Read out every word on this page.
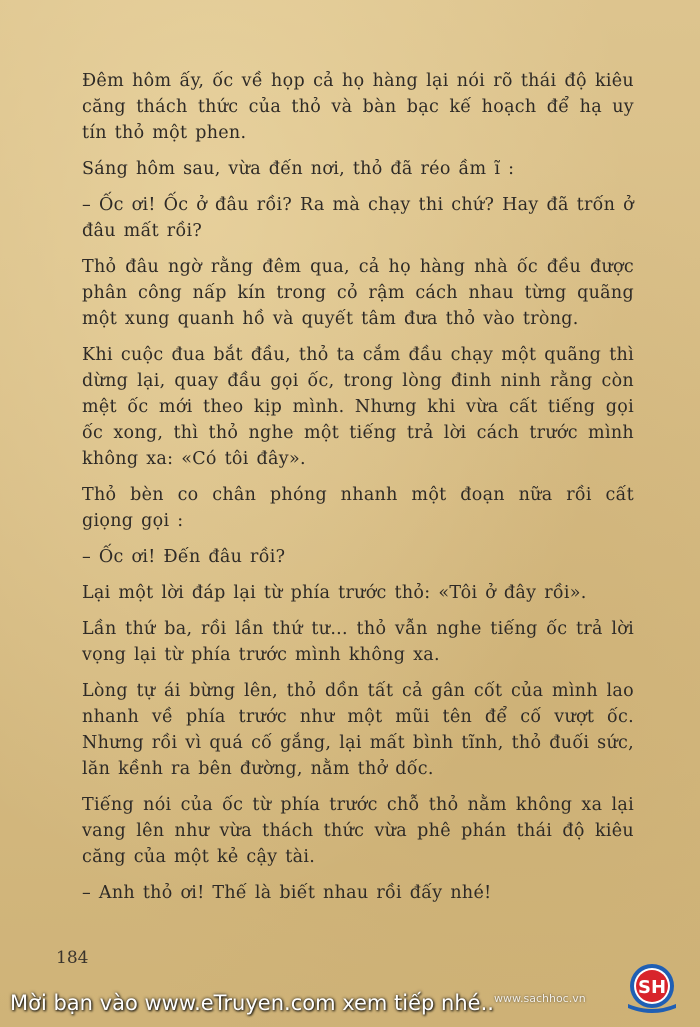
Đêm hôm ấy, ốc về họp cả họ hàng lại nói rõ thái độ kiêu căng thách thức của thỏ và bàn bạc kế hoạch để hạ uy tín thỏ một phen.

Sáng hôm sau, vừa đến nơi, thỏ đã réo ầm ĩ :

– Ốc ơi! Ốc ở đâu rồi? Ra mà chạy thi chứ? Hay đã trốn ở đâu mất rồi?

Thỏ đâu ngờ rằng đêm qua, cả họ hàng nhà ốc đều được phân công nấp kín trong cỏ rậm cách nhau từng quãng một xung quanh hồ và quyết tâm đưa thỏ vào tròng.

Khi cuộc đua bắt đầu, thỏ ta cắm đầu chạy một quãng thì dừng lại, quay đầu gọi ốc, trong lòng đinh ninh rằng còn mệt ốc mới theo kịp mình. Nhưng khi vừa cất tiếng gọi ốc xong, thì thỏ nghe một tiếng trả lời cách trước mình không xa: «Có tôi đây».

Thỏ bèn co chân phóng nhanh một đoạn nữa rồi cất giọng gọi :

– Ốc ơi! Đến đâu rồi?

Lại một lời đáp lại từ phía trước thỏ: «Tôi ở đây rồi».

Lần thứ ba, rồi lần thứ tư... thỏ vẫn nghe tiếng ốc trả lời vọng lại từ phía trước mình không xa.

Lòng tự ái bừng lên, thỏ dồn tất cả gân cốt của mình lao nhanh về phía trước như một mũi tên để cố vượt ốc. Nhưng rồi vì quá cố gắng, lại mất bình tĩnh, thỏ đuối sức, lăn kềnh ra bên đường, nằm thở dốc.

Tiếng nói của ốc từ phía trước chỗ thỏ nằm không xa lại vang lên như vừa thách thức vừa phê phán thái độ kiêu căng của một kẻ cậy tài.

– Anh thỏ ơi! Thế là biết nhau rồi đấy nhé!

184
www.sachhoc.vn
SH
Mời bạn vào www.eTruyen.com xem tiếp nhé..
